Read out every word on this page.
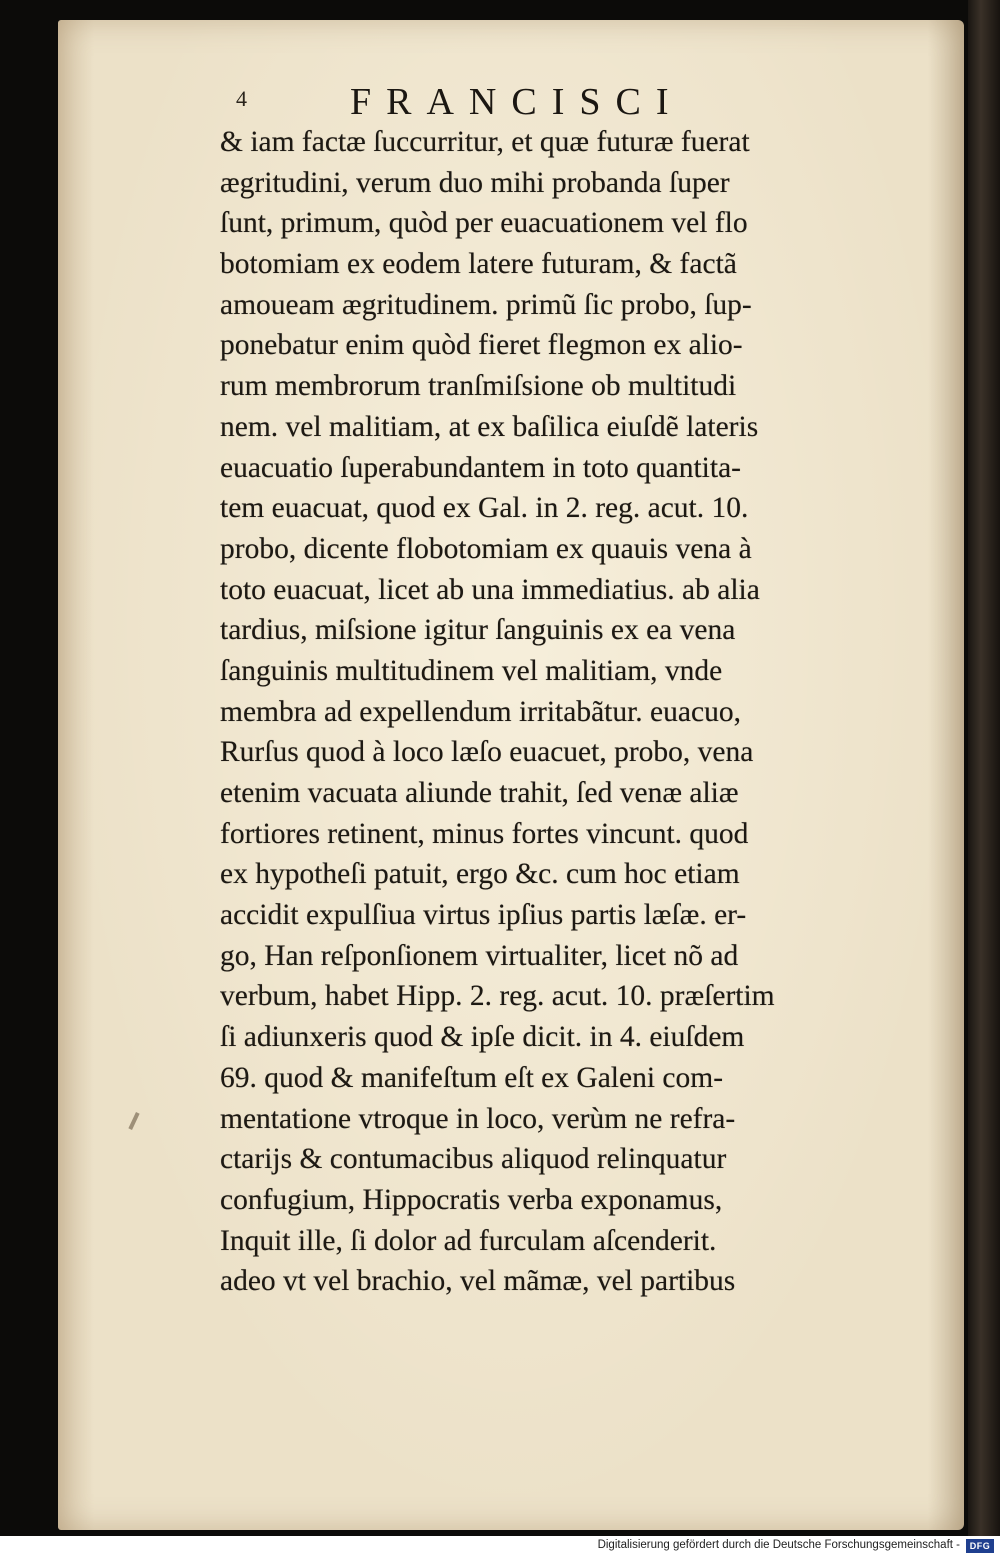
4	FRANCISCI
& iam factæ ſuccurritur, et quæ futuræ fuerat
ægritudini, verum duo mihi probanda ſuper
ſunt, primum, quòd per euacuationem vel flo
botomiam ex eodem latere futuram, & factã
amoueam ægritudinem. primũ ſic probo, ſup-
ponebatur enim quòd fieret flegmon ex alio-
rum membrorum tranſmiſsione ob multitudi
nem. vel malitiam, at ex baſilica eiuſdẽ lateris
euacuatio ſuperabundantem in toto quantita-
tem euacuat, quod ex Gal. in 2. reg. acut. 10.
probo, dicente flobotomiam ex quauis vena à
toto euacuat, licet ab una immediatius. ab alia
tardius, miſsione igitur ſanguinis ex ea vena
ſanguinis multitudinem vel malitiam, vnde
membra ad expellendum irritabãtur. euacuo,
Rurſus quod à loco læſo euacuet, probo, vena
etenim vacuata aliunde trahit, ſed venæ aliæ
fortiores retinent, minus fortes vincunt. quod
ex hypotheſi patuit, ergo &c. cum hoc etiam
accidit expulſiua virtus ipſius partis læſæ. er-
go, Han reſponſionem virtualiter, licet nõ ad
verbum, habet Hipp. 2. reg. acut. 10. præſertim
ſi adiunxeris quod & ipſe dicit. in 4. eiuſdem
69. quod & manifeſtum eſt ex Galeni com-
mentatione vtroque in loco, verùm ne refra-
ctarijs & contumacibus aliquod relinquatur
confugium, Hippocratis verba exponamus,
Inquit ille, ſi dolor ad furculam aſcenderit.
adeo vt vel brachio, vel mãmæ, vel partibus
Digitalisierung gefördert durch die Deutsche Forschungsgemeinschaft -	DFG
